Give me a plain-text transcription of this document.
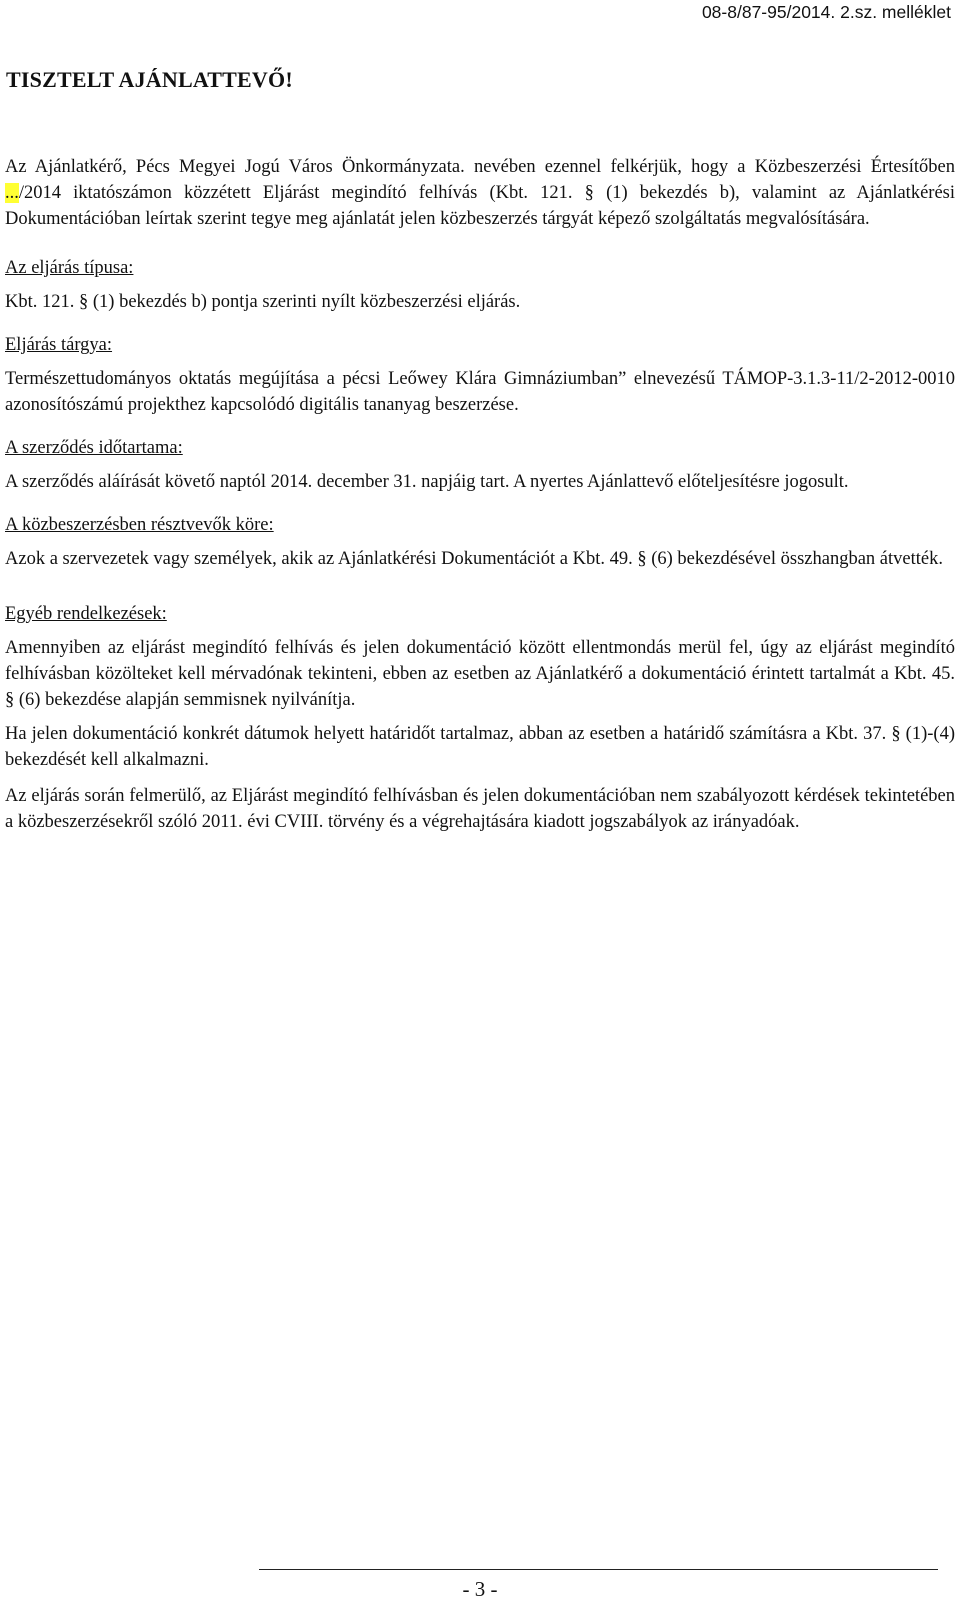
08-8/87-95/2014. 2.sz. melléklet
TISZTELT AJÁNLATTEVŐ!

Az Ajánlatkérő, Pécs Megyei Jogú Város Önkormányzata. nevében ezennel felkérjük, hogy a Közbeszerzési Értesítőben .../2014 iktatószámon közzétett Eljárást megindító felhívás (Kbt. 121. § (1) bekezdés b), valamint az Ajánlatkérési Dokumentációban leírtak szerint tegye meg ajánlatát jelen közbeszerzés tárgyát képező szolgáltatás megvalósítására.

Az eljárás típusa:

Kbt. 121. § (1) bekezdés b) pontja szerinti nyílt közbeszerzési eljárás.

Eljárás tárgya:

Természettudományos oktatás megújítása a pécsi Leőwey Klára Gimnáziumban” elnevezésű TÁMOP-3.1.3-11/2-2012-0010 azonosítószámú projekthez kapcsolódó digitális tananyag beszerzése.

A szerződés időtartama:

A szerződés aláírását követő naptól 2014. december 31. napjáig tart. A nyertes Ajánlattevő előteljesítésre jogosult.

A közbeszerzésben résztvevők köre:

Azok a szervezetek vagy személyek, akik az Ajánlatkérési Dokumentációt a Kbt. 49. § (6) bekezdésével összhangban átvették.

Egyéb rendelkezések:

Amennyiben az eljárást megindító felhívás és jelen dokumentáció között ellentmondás merül fel, úgy az eljárást megindító felhívásban közölteket kell mérvadónak tekinteni, ebben az esetben az Ajánlatkérő a dokumentáció érintett tartalmát a Kbt. 45. § (6) bekezdése alapján semmisnek nyilvánítja.

Ha jelen dokumentáció konkrét dátumok helyett határidőt tartalmaz, abban az esetben a határidő számításra a Kbt. 37. § (1)-(4) bekezdését kell alkalmazni.

Az eljárás során felmerülő, az Eljárást megindító felhívásban és jelen dokumentációban nem szabályozott kérdések tekintetében a közbeszerzésekről szóló 2011. évi CVIII. törvény és a végrehajtására kiadott jogszabályok az irányadóak.

- 3 -
